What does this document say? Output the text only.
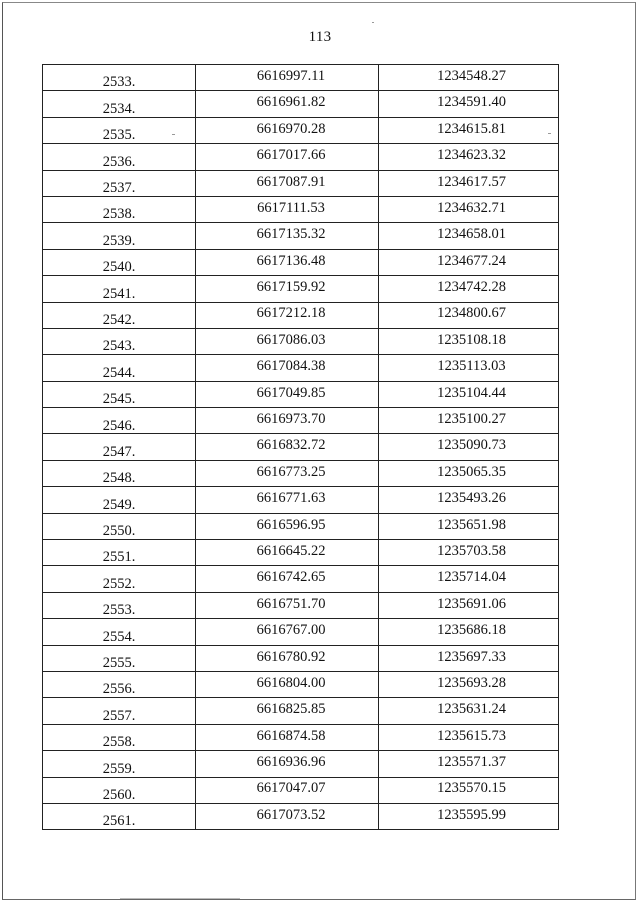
113
2533.	6616997.11	1234548.27
2534.	6616961.82	1234591.40
2535.	6616970.28	1234615.81
2536.	6617017.66	1234623.32
2537.	6617087.91	1234617.57
2538.	6617111.53	1234632.71
2539.	6617135.32	1234658.01
2540.	6617136.48	1234677.24
2541.	6617159.92	1234742.28
2542.	6617212.18	1234800.67
2543.	6617086.03	1235108.18
2544.	6617084.38	1235113.03
2545.	6617049.85	1235104.44
2546.	6616973.70	1235100.27
2547.	6616832.72	1235090.73
2548.	6616773.25	1235065.35
2549.	6616771.63	1235493.26
2550.	6616596.95	1235651.98
2551.	6616645.22	1235703.58
2552.	6616742.65	1235714.04
2553.	6616751.70	1235691.06
2554.	6616767.00	1235686.18
2555.	6616780.92	1235697.33
2556.	6616804.00	1235693.28
2557.	6616825.85	1235631.24
2558.	6616874.58	1235615.73
2559.	6616936.96	1235571.37
2560.	6617047.07	1235570.15
2561.	6617073.52	1235595.99
